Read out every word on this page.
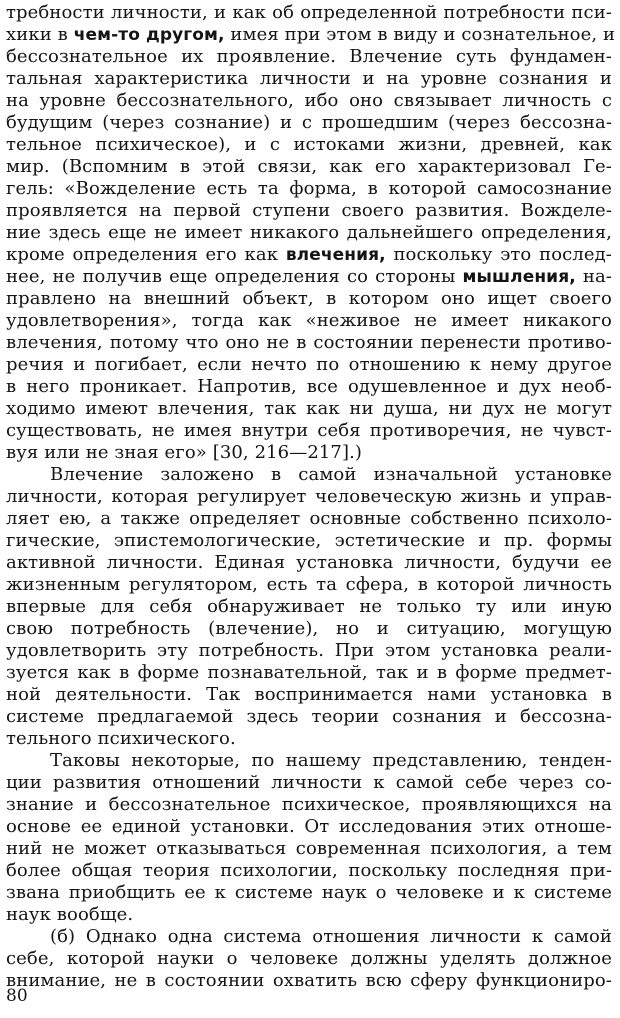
требности личности, и как об определенной потребности пси-
хики в чем-то другом, имея при этом в виду и сознательное, и
бессознательное их проявление. Влечение суть фундамен-
тальная характеристика личности и на уровне сознания и
на уровне бессознательного, ибо оно связывает личность с
будущим (через сознание) и с прошедшим (через бессозна-
тельное психическое), и с истоками жизни, древней, как
мир. (Вспомним в этой связи, как его характеризовал Ге-
гель: «Вожделение есть та форма, в которой самосознание
проявляется на первой ступени своего развития. Вожделе-
ние здесь еще не имеет никакого дальнейшего определения,
кроме определения его как влечения, поскольку это послед-
нее, не получив еще определения со стороны мышления, на-
правлено на внешний объект, в котором оно ищет своего
удовлетворения», тогда как «неживое не имеет никакого
влечения, потому что оно не в состоянии перенести противо-
речия и погибает, если нечто по отношению к нему другое
в него проникает. Напротив, все одушевленное и дух необ-
ходимо имеют влечения, так как ни душа, ни дух не могут
существовать, не имея внутри себя противоречия, не чувст-
вуя или не зная его» [30, 216—217].)
Влечение заложено в самой изначальной установке
личности, которая регулирует человеческую жизнь и управ-
ляет ею, а также определяет основные собственно психоло-
гические, эпистемологические, эстетические и пр. формы
активной личности. Единая установка личности, будучи ее
жизненным регулятором, есть та сфера, в которой личность
впервые для себя обнаруживает не только ту или иную
свою потребность (влечение), но и ситуацию, могущую
удовлетворить эту потребность. При этом установка реали-
зуется как в форме познавательной, так и в форме предмет-
ной деятельности. Так воспринимается нами установка в
системе предлагаемой здесь теории сознания и бессозна-
тельного психического.
Таковы некоторые, по нашему представлению, тенден-
ции развития отношений личности к самой себе через со-
знание и бессознательное психическое, проявляющихся на
основе ее единой установки. От исследования этих отноше-
ний не может отказываться современная психология, а тем
более общая теория психологии, поскольку последняя при-
звана приобщить ее к системе наук о человеке и к системе
наук вообще.
(б) Однако одна система отношения личности к самой
себе, которой науки о человеке должны уделять должное
внимание, не в состоянии охватить всю сферу функциониро-
80
